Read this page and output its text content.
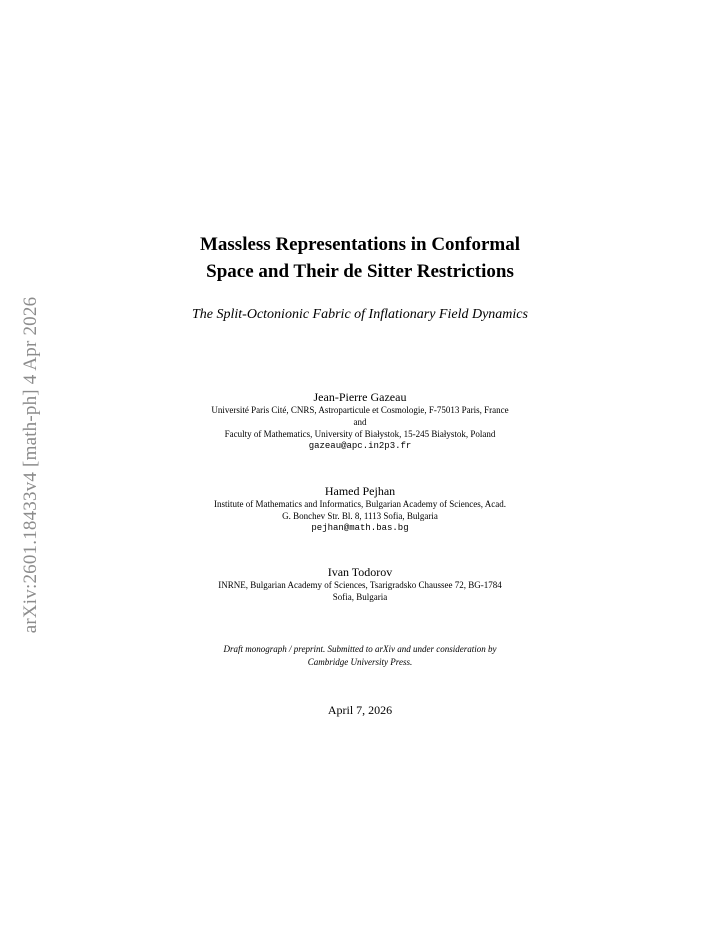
arXiv:2601.18433v4 [math-ph] 4 Apr 2026
Massless Representations in Conformal
Space and Their de Sitter Restrictions
The Split-Octonionic Fabric of Inflationary Field Dynamics
Jean-Pierre Gazeau
Université Paris Cité, CNRS, Astroparticule et Cosmologie, F-75013 Paris, France
and
Faculty of Mathematics, University of Białystok, 15-245 Białystok, Poland
gazeau@apc.in2p3.fr
Hamed Pejhan
Institute of Mathematics and Informatics, Bulgarian Academy of Sciences, Acad.
G. Bonchev Str. Bl. 8, 1113 Sofia, Bulgaria
pejhan@math.bas.bg
Ivan Todorov
INRNE, Bulgarian Academy of Sciences, Tsarigradsko Chaussee 72, BG-1784
Sofia, Bulgaria
Draft monograph / preprint. Submitted to arXiv and under consideration by
Cambridge University Press.
April 7, 2026
